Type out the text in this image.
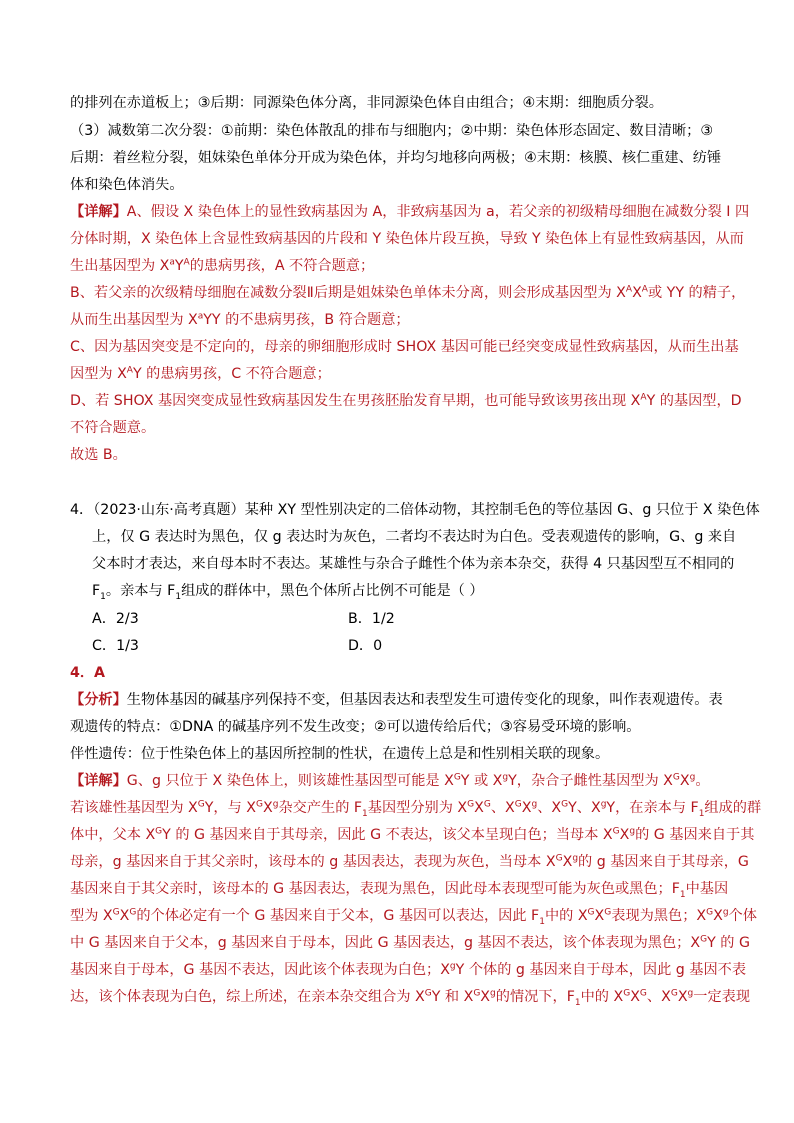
的排列在赤道板上；③后期：同源染色体分离，非同源染色体自由组合；④末期：细胞质分裂。
（3）减数第二次分裂：①前期：染色体散乱的排布与细胞内；②中期：染色体形态固定、数目清晰；③
后期：着丝粒分裂，姐妹染色单体分开成为染色体，并均匀地移向两极；④末期：核膜、核仁重建、纺锤
体和染色体消失。
【详解】A、假设 X 染色体上的显性致病基因为 A，非致病基因为 a，若父亲的初级精母细胞在减数分裂 I 四
分体时期，X 染色体上含显性致病基因的片段和 Y 染色体片段互换，导致 Y 染色体上有显性致病基因，从而
生出基因型为 $X^aY^A$的患病男孩，A 不符合题意；
B、若父亲的次级精母细胞在减数分裂Ⅱ后期是姐妹染色单体未分离，则会形成基因型为 $X^AX^A$或 YY 的精子，
从而生出基因型为 $X^aYY$ 的不患病男孩，B 符合题意；
C、因为基因突变是不定向的，母亲的卵细胞形成时 SHOX 基因可能已经突变成显性致病基因，从而生出基
因型为 $X^AY$ 的患病男孩，C 不符合题意；
D、若 SHOX 基因突变成显性致病基因发生在男孩胚胎发育早期，也可能导致该男孩出现 $X^AY$ 的基因型，D
不符合题意。
故选 B。
4．（2023·山东·高考真题）某种 XY 型性别决定的二倍体动物，其控制毛色的等位基因 G、g 只位于 X 染色体
上，仅 G 表达时为黑色，仅 g 表达时为灰色，二者均不表达时为白色。受表观遗传的影响，G、g 来自
父本时才表达，来自母本时不表达。某雄性与杂合子雌性个体为亲本杂交，获得 4 只基因型互不相同的
$F_1$。亲本与 $F_1$组成的群体中，黑色个体所占比例不可能是（ ）
A．2/3	B．1/2
C．1/3	D．0
4．A
【分析】生物体基因的碱基序列保持不变，但基因表达和表型发生可遗传变化的现象，叫作表观遗传。表
观遗传的特点：①DNA 的碱基序列不发生改变；②可以遗传给后代；③容易受环境的影响。
伴性遗传：位于性染色体上的基因所控制的性状，在遗传上总是和性别相关联的现象。
【详解】G、g 只位于 X 染色体上，则该雄性基因型可能是 $X^GY$ 或 $X^gY$，杂合子雌性基因型为 $X^GX^g$。
若该雄性基因型为 $X^GY$，与 $X^GX^g$杂交产生的 $F_1$基因型分别为 $X^GX^G$、$X^GX^g$、$X^GY$、$X^gY$，在亲本与 $F_1$组成的群
体中，父本 $X^GY$ 的 G 基因来自于其母亲，因此 G 不表达，该父本呈现白色；当母本 $X^GX^g$的 G 基因来自于其
母亲，g 基因来自于其父亲时，该母本的 g 基因表达，表现为灰色，当母本 $X^GX^g$的 g 基因来自于其母亲，G
基因来自于其父亲时，该母本的 G 基因表达，表现为黑色，因此母本表现型可能为灰色或黑色；$F_1$中基因
型为 $X^GX^G$的个体必定有一个 G 基因来自于父本，G 基因可以表达，因此 $F_1$中的 $X^GX^G$表现为黑色；$X^GX^g$个体
中 G 基因来自于父本，g 基因来自于母本，因此 G 基因表达，g 基因不表达，该个体表现为黑色；$X^GY$ 的 G
基因来自于母本，G 基因不表达，因此该个体表现为白色；$X^gY$ 个体的 g 基因来自于母本，因此 g 基因不表
达，该个体表现为白色，综上所述，在亲本杂交组合为 $X^GY$ 和 $X^GX^g$的情况下，$F_1$中的 $X^GX^G$、$X^GX^g$一定表现
